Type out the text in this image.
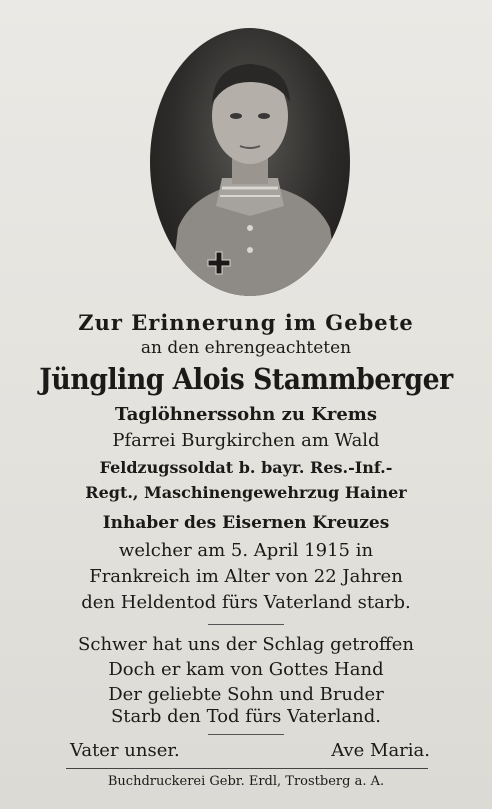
Zur Erinnerung im Gebete
an den ehrengeachteten
Jüngling Alois Stammberger
Taglöhnerssohn zu Krems
Pfarrei Burgkirchen am Wald
Feldzugssoldat b. bayr. Res.-Inf.-
Regt., Maschinengewehrzug Hainer
Inhaber des Eisernen Kreuzes
welcher am 5. April 1915 in
Frankreich im Alter von 22 Jahren
den Heldentod fürs Vaterland starb.
Schwer hat uns der Schlag getroffen
Doch er kam von Gottes Hand
Der geliebte Sohn und Bruder
Starb den Tod fürs Vaterland.
Vater unser.	Ave Maria.
Buchdruckerei Gebr. Erdl, Trostberg a. A.
